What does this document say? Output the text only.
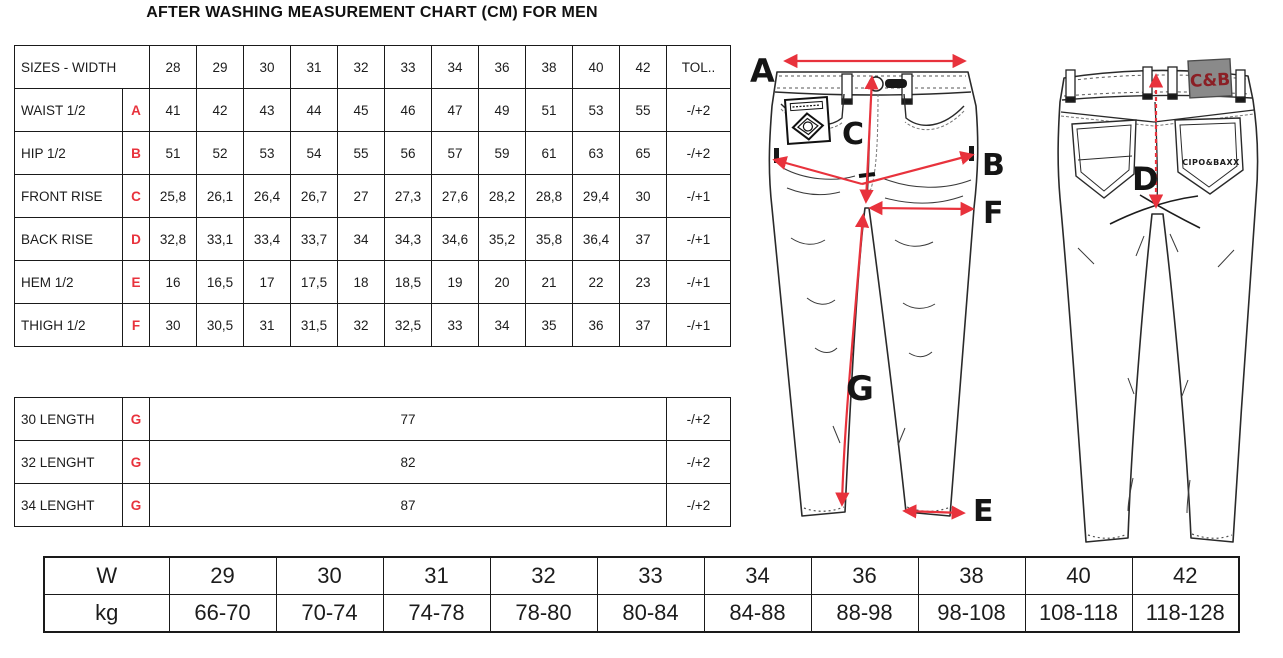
AFTER WASHING MEASUREMENT CHART (CM) FOR MEN
SIZES - WIDTH		28	29	30	31	32	33	34	36	38	40	42	TOL..
WAIST 1/2	A	41	42	43	44	45	46	47	49	51	53	55	-/+2
HIP 1/2	B	51	52	53	54	55	56	57	59	61	63	65	-/+2
FRONT RISE	C	25,8	26,1	26,4	26,7	27	27,3	27,6	28,2	28,8	29,4	30	-/+1
BACK RISE	D	32,8	33,1	33,4	33,7	34	34,3	34,6	35,2	35,8	36,4	37	-/+1
HEM 1/2	E	16	16,5	17	17,5	18	18,5	19	20	21	22	23	-/+1
THIGH 1/2	F	30	30,5	31	31,5	32	32,5	33	34	35	36	37	-/+1
30 LENGTH	G	77	-/+2
32 LENGHT	G	82	-/+2
34 LENGHT	G	87	-/+2
W	29	30	31	32	33	34	36	38	40	42
kg	66-70	70-74	74-78	78-80	80-84	84-88	88-98	98-108	108-118	118-128
A
C
B
F
G
E
C&B
CIPO&BAXX
D
